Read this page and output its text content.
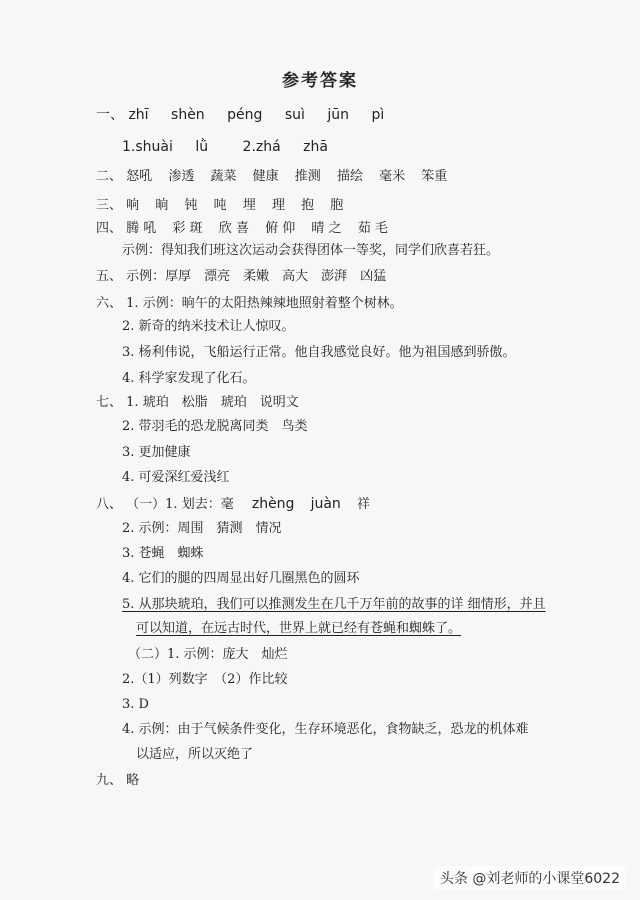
参考答案
一、 zhī shèn péng suì jūn pì
1.shuài lǜ 2.zhá zhā
二、 怒吼 渗透 蔬菜 健康 推测 描绘 毫米 笨重
三、 响 晌 钝 吨 埋 理 抱 胞
四、 腾 吼 彩 斑 欣 喜 俯 仰 晴 之 茹 毛
示例：得知我们班这次运动会获得团体一等奖，同学们欣喜若狂。
五、 示例：厚厚　漂亮　柔嫩　高大　澎湃　凶猛
六、 1. 示例：晌午的太阳热辣辣地照射着整个树林。
2. 新奇的纳米技术让人惊叹。
3. 杨利伟说，飞船运行正常。他自我感觉良好。他为祖国感到骄傲。
4. 科学家发现了化石。
七、 1. 琥珀　松脂　琥珀　说明文
2. 带羽毛的恐龙脱离同类　鸟类
3. 更加健康
4. 可爱深红爱浅红
八、 （一）1. 划去：毫 zhèng juàn 祥
2. 示例：周围　猜测　情况
3. 苍蝇　蜘蛛
4. 它们的腿的四周显出好几圈黑色的圆环
5. 从那块琥珀，我们可以推测发生在几千万年前的故事的详 细情形，并且
可以知道，在远古时代，世界上就已经有苍蝇和蜘蛛了。
（二）1. 示例：庞大　灿烂
2.（1）列数字　（2）作比较
3. D
4. 示例：由于气候条件变化，生存环境恶化，食物缺乏，恐龙的机体难
以适应，所以灭绝了
九、 略
头条 @刘老师的小课堂6022
